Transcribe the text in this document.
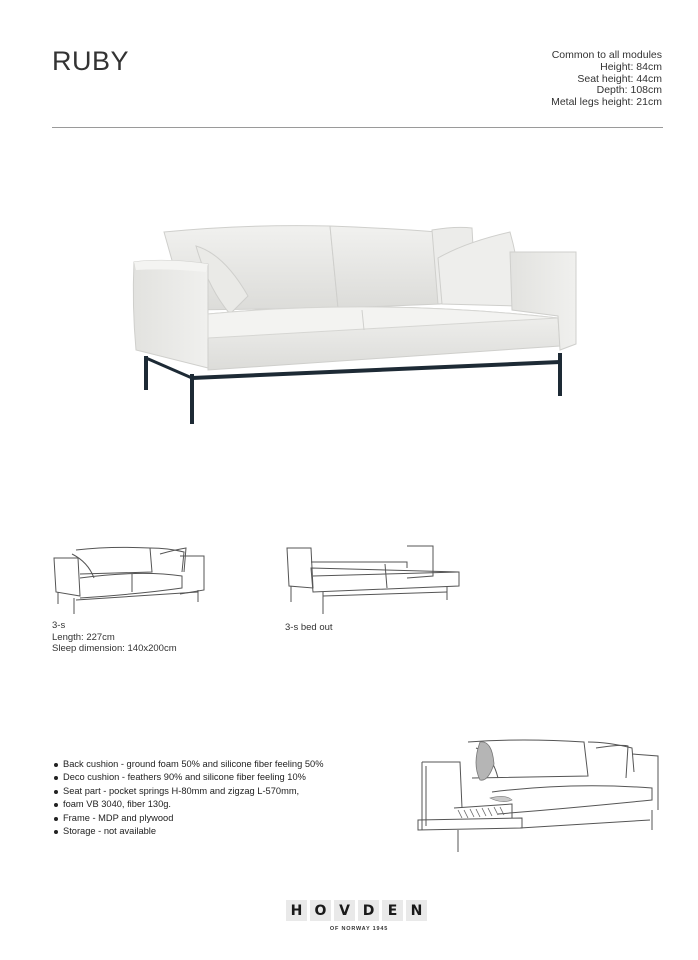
RUBY	Common to all modules
Height: 84cm
Seat height: 44cm
Depth: 108cm
Metal legs height: 21cm
3-s
Length: 227cm
Sleep dimension: 140x200cm
3-s bed out
Back cushion - ground foam 50% and silicone fiber feeling 50%
Deco cushion - feathers 90% and silicone fiber feeling 10%
Seat part - pocket springs H-80mm and zigzag L-570mm,
foam VB 3040, fiber 130g.
Frame - MDP and plywood
Storage - not available
H O V D E N
OF NORWAY 1945
